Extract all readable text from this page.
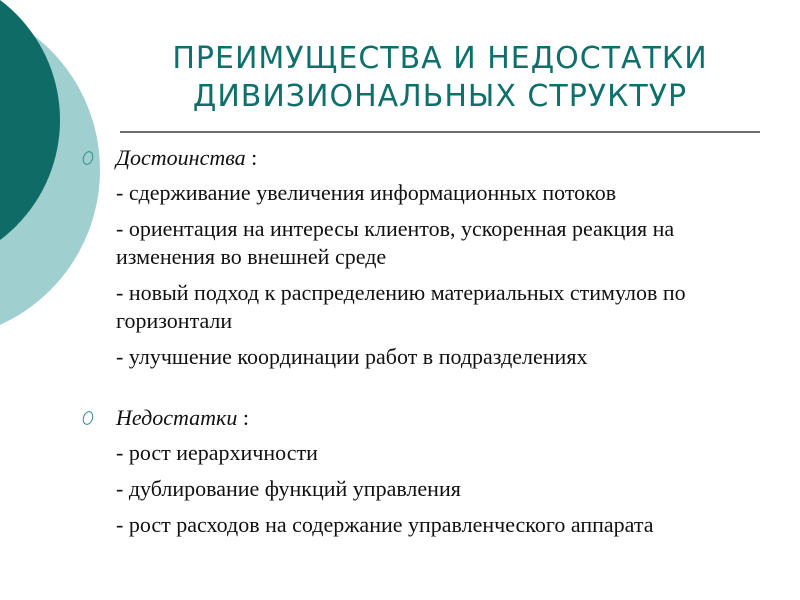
ПРЕИМУЩЕСТВА И НЕДОСТАТКИ
ДИВИЗИОНАЛЬНЫХ СТРУКТУР
Достоинства :
- сдерживание увеличения информационных потоков
- ориентация на интересы клиентов, ускоренная реакция на изменения во внешней среде
- новый подход к распределению материальных стимулов по горизонтали
- улучшение координации работ в подразделениях
Недостатки :
- рост иерархичности
- дублирование функций управления
- рост расходов на содержание управленческого аппарата
